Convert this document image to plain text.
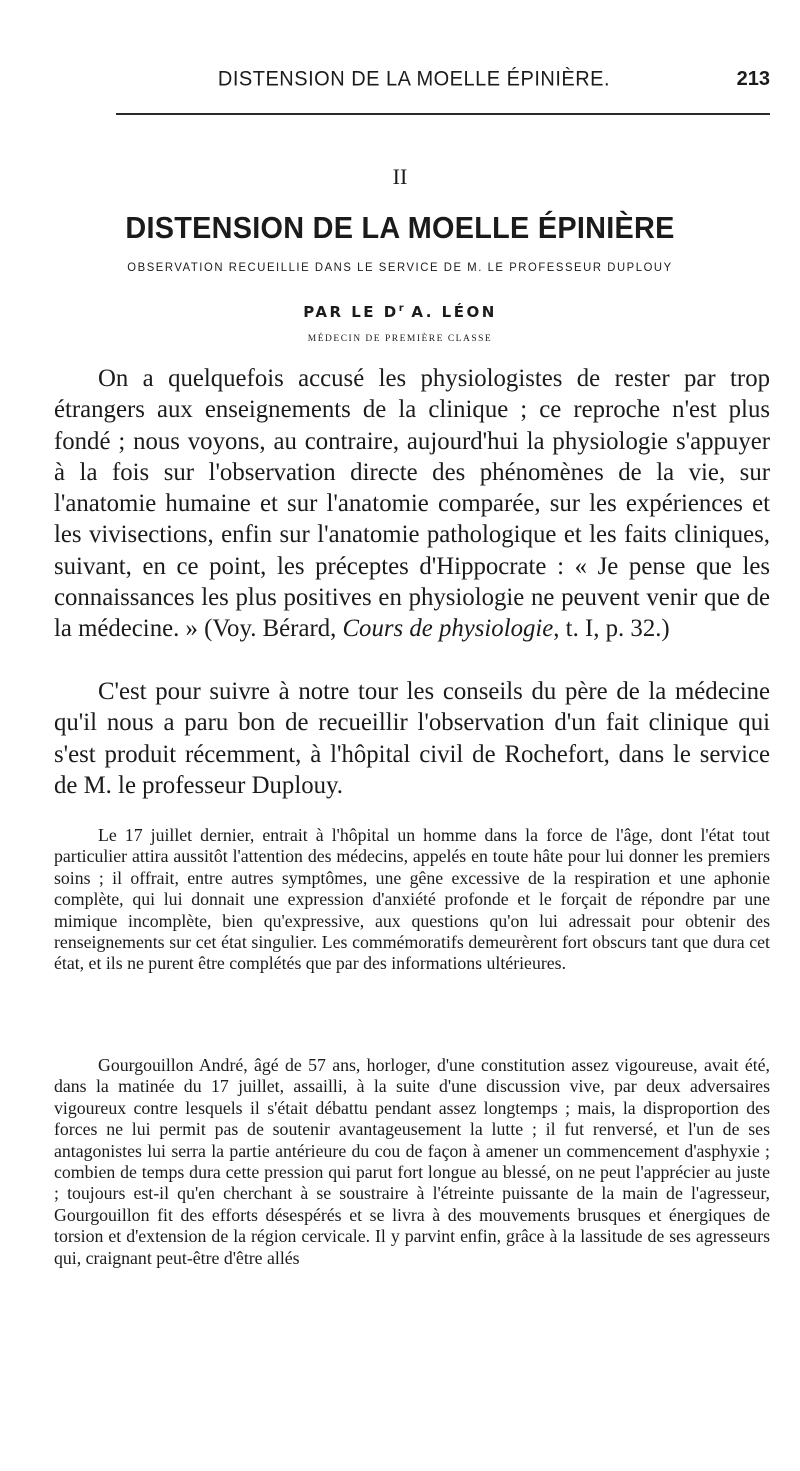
DISTENSION DE LA MOELLE ÉPINIÈRE.	213
II
DISTENSION DE LA MOELLE ÉPINIÈRE
OBSERVATION RECUEILLIE DANS LE SERVICE DE M. LE PROFESSEUR DUPLOUY
PAR LE $D^r$ A. LÉON
MÉDECIN DE PREMIÈRE CLASSE

On a quelquefois accusé les physiologistes de rester par trop étrangers aux enseignements de la clinique ; ce reproche n'est plus fondé ; nous voyons, au contraire, aujourd'hui la physiologie s'appuyer à la fois sur l'observation directe des phénomènes de la vie, sur l'anatomie humaine et sur l'anatomie comparée, sur les expériences et les vivisections, enfin sur l'anatomie pathologique et les faits cliniques, suivant, en ce point, les préceptes d'Hippocrate : « Je pense que les connaissances les plus positives en physiologie ne peuvent venir que de la médecine. » (Voy. Bérard, Cours de physiologie, t. I, p. 32.)

C'est pour suivre à notre tour les conseils du père de la médecine qu'il nous a paru bon de recueillir l'observation d'un fait clinique qui s'est produit récemment, à l'hôpital civil de Rochefort, dans le service de M. le professeur Duplouy.

Le 17 juillet dernier, entrait à l'hôpital un homme dans la force de l'âge, dont l'état tout particulier attira aussitôt l'attention des médecins, appelés en toute hâte pour lui donner les premiers soins ; il offrait, entre autres symptômes, une gêne excessive de la respiration et une aphonie complète, qui lui donnait une expression d'anxiété profonde et le forçait de répondre par une mimique incomplète, bien qu'expressive, aux questions qu'on lui adressait pour obtenir des renseignements sur cet état singulier. Les commémoratifs demeurèrent fort obscurs tant que dura cet état, et ils ne purent être complétés que par des informations ultérieures.

Gourgouillon André, âgé de 57 ans, horloger, d'une constitution assez vigoureuse, avait été, dans la matinée du 17 juillet, assailli, à la suite d'une discussion vive, par deux adversaires vigoureux contre lesquels il s'était débattu pendant assez longtemps ; mais, la disproportion des forces ne lui permit pas de soutenir avantageusement la lutte ; il fut renversé, et l'un de ses antagonistes lui serra la partie antérieure du cou de façon à amener un commencement d'asphyxie ; combien de temps dura cette pression qui parut fort longue au blessé, on ne peut l'apprécier au juste ; toujours est-il qu'en cherchant à se soustraire à l'étreinte puissante de la main de l'agresseur, Gourgouillon fit des efforts désespérés et se livra à des mouvements brusques et énergiques de torsion et d'extension de la région cervicale. Il y parvint enfin, grâce à la lassitude de ses agresseurs qui, craignant peut-être d'être allés
